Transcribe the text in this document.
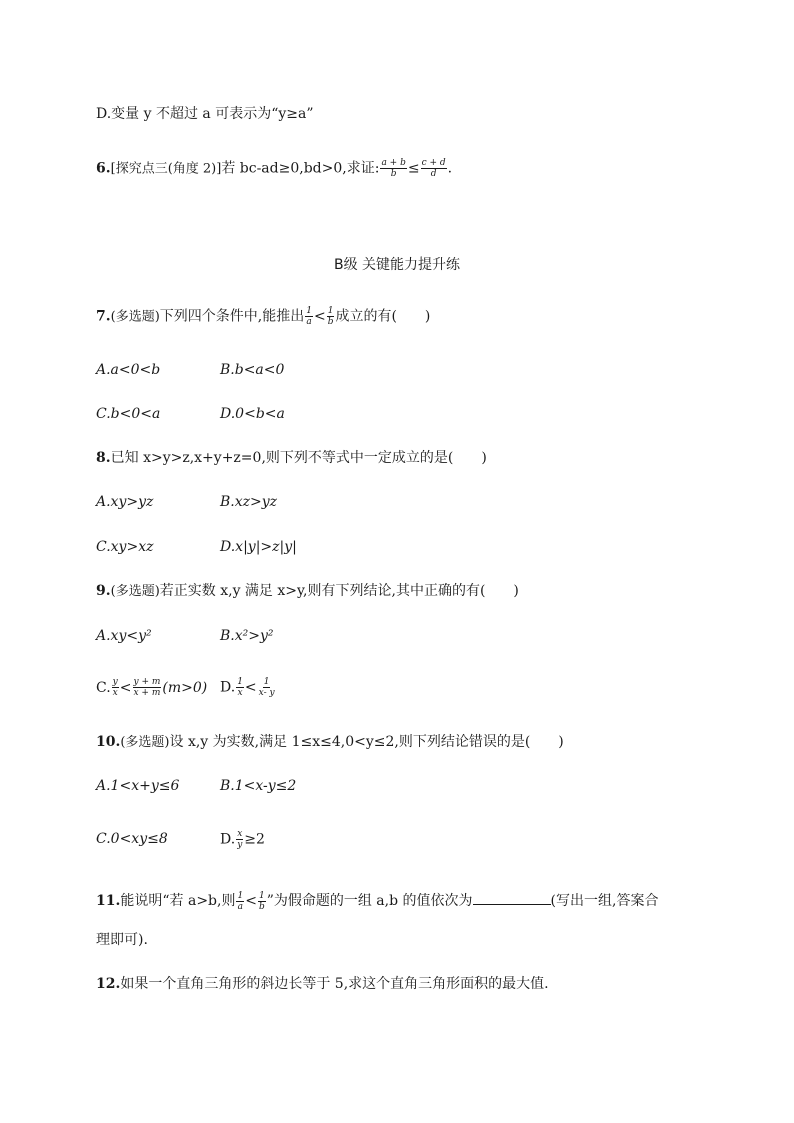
D.变量 y 不超过 a 可表示为“y≥a”
6.[探究点三(角度 2)]若 bc-ad≥0,bd>0,求证: $\frac{a + b}{b} \le \frac{c + d}{d}$ .
B级 关键能力提升练
7.(多选题)下列四个条件中,能推出 $\frac{1}{a} < \frac{1}{b}$ 成立的有(　　)
A.a<0<b	B.b<a<0
C.b<0<a	D.0<b<a
8.已知 x>y>z,x+y+z=0,则下列不等式中一定成立的是(　　)
A.xy>yz	B.xz>yz
C.xy>xz	D.x|y|>z|y|
9.(多选题)若正实数 x,y 满足 x>y,则有下列结论,其中正确的有(　　)
A.xy<y²	B.x²>y²
C. $\frac{y}{x} < \frac{y + m}{x + m} (m>0)$ D. $\frac{1}{x} < \frac{1}{x- y}$
10.(多选题)设 x,y 为实数,满足 1≤x≤4,0<y≤2,则下列结论错误的是(　　)
A.1<x+y≤6	B.1<x-y≤2
C.0<xy≤8	D. $\frac{x}{y} \ge 2$
11.能说明“若 a>b,则 $\frac{1}{a} < \frac{1}{b}$ ”为假命题的一组 a,b 的值依次为	(写出一组,答案合
理即可).
12.如果一个直角三角形的斜边长等于 5,求这个直角三角形面积的最大值.
